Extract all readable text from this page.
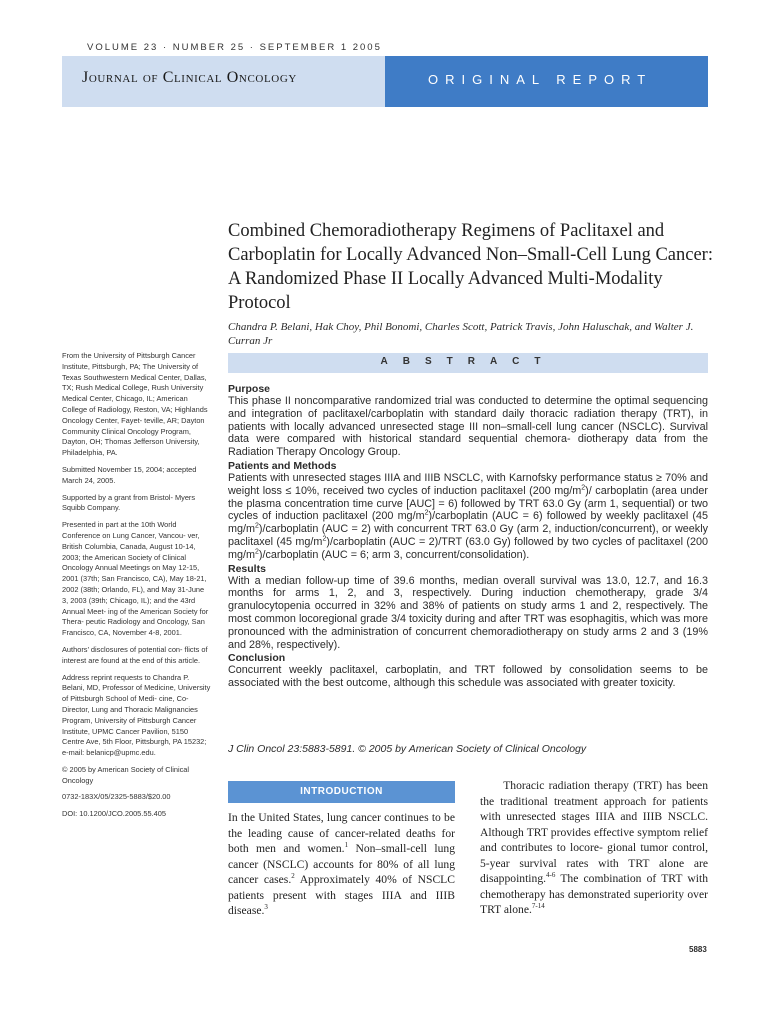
VOLUME 23 · NUMBER 25 · SEPTEMBER 1 2005
Journal of Clinical Oncology	ORIGINAL REPORT
Combined Chemoradiotherapy Regimens of Paclitaxel and Carboplatin for Locally Advanced Non–Small-Cell Lung Cancer: A Randomized Phase II Locally Advanced Multi-Modality Protocol
Chandra P. Belani, Hak Choy, Phil Bonomi, Charles Scott, Patrick Travis, John Haluschak, and Walter J. Curran Jr
ABSTRACT
Purpose

This phase II noncomparative randomized trial was conducted to determine the optimal sequencing and integration of paclitaxel/carboplatin with standard daily thoracic radiation therapy (TRT), in patients with locally advanced unresected stage III non–small-cell lung cancer (NSCLC). Survival data were compared with historical standard sequential chemora- diotherapy data from the Radiation Therapy Oncology Group.

Patients and Methods

Patients with unresected stages IIIA and IIIB NSCLC, with Karnofsky performance status ≥ 70% and weight loss ≤ 10%, received two cycles of induction paclitaxel (200 $mg/m^2)/$ carboplatin (area under the plasma concentration time curve [AUC] = 6) followed by TRT 63.0 Gy (arm 1, sequential) or two cycles of induction paclitaxel (200 $mg/m^2$)/carboplatin (AUC = 6) followed by weekly paclitaxel (45 $mg/m^2$)/carboplatin (AUC = 2) with concurrent TRT 63.0 Gy (arm 2, induction/concurrent), or weekly paclitaxel (45 $mg/m^2$)/carboplatin (AUC = 2)/TRT (63.0 Gy) followed by two cycles of paclitaxel (200 $mg/m^2$)/carboplatin (AUC = 6; arm 3, concurrent/consolidation).

Results

With a median follow-up time of 39.6 months, median overall survival was 13.0, 12.7, and 16.3 months for arms 1, 2, and 3, respectively. During induction chemotherapy, grade 3/4 granulocytopenia occurred in 32% and 38% of patients on study arms 1 and 2, respectively. The most common locoregional grade 3/4 toxicity during and after TRT was esophagitis, which was more pronounced with the administration of concurrent chemoradiotherapy on study arms 2 and 3 (19% and 28%, respectively).

Conclusion

Concurrent weekly paclitaxel, carboplatin, and TRT followed by consolidation seems to be associated with the best outcome, although this schedule was associated with greater toxicity.

J Clin Oncol 23:5883-5891. © 2005 by American Society of Clinical Oncology

From the University of Pittsburgh Cancer Institute, Pittsburgh, PA; The University of Texas Southwestern Medical Center, Dallas, TX; Rush Medical College, Rush University Medical Center, Chicago, IL; American College of Radiology, Reston, VA; Highlands Oncology Center, Fayet- teville, AR; Dayton Community Clinical Oncology Program, Dayton, OH; Thomas Jefferson University, Philadelphia, PA.

Submitted November 15, 2004; accepted March 24, 2005.

Supported by a grant from Bristol- Myers Squibb Company.

Presented in part at the 10th World Conference on Lung Cancer, Vancou- ver, British Columbia, Canada, August 10-14, 2003; the American Society of Clinical Oncology Annual Meetings on May 12-15, 2001 (37th; San Francisco, CA), May 18-21, 2002 (38th; Orlando, FL), and May 31-June 3, 2003 (39th; Chicago, IL); and the 43rd Annual Meet- ing of the American Society for Thera- peutic Radiology and Oncology, San Francisco, CA, November 4-8, 2001.

Authors’ disclosures of potential con- flicts of interest are found at the end of this article.

Address reprint requests to Chandra P. Belani, MD, Professor of Medicine, University of Pittsburgh School of Medi- cine, Co-Director, Lung and Thoracic Malignancies Program, University of Pittsburgh Cancer Institute, UPMC Cancer Pavilion, 5150 Centre Ave, 5th Floor, Pittsburgh, PA 15232; e-mail: belanicp@upmc.edu.

© 2005 by American Society of Clinical Oncology

0732-183X/05/2325-5883/$20.00

DOI: 10.1200/JCO.2005.55.405

INTRODUCTION

In the United States, lung cancer continues to be the leading cause of cancer-related deaths for both men and women.$^1$ Non–small-cell lung cancer (NSCLC) accounts for 80% of all lung cancer cases.$^2$ Approximately 40% of NSCLC patients present with stages IIIA and IIIB disease.$^3$

  Thoracic radiation therapy (TRT) has been the traditional treatment approach for patients with unresected stages IIIA and IIIB NSCLC. Although TRT provides effective symptom relief and contributes to locore- gional tumor control, 5-year survival rates with TRT alone are disappointing.$^{4-6}$ The combination of TRT with chemotherapy has demonstrated superiority over TRT alone.$^{7-14}$

5883
